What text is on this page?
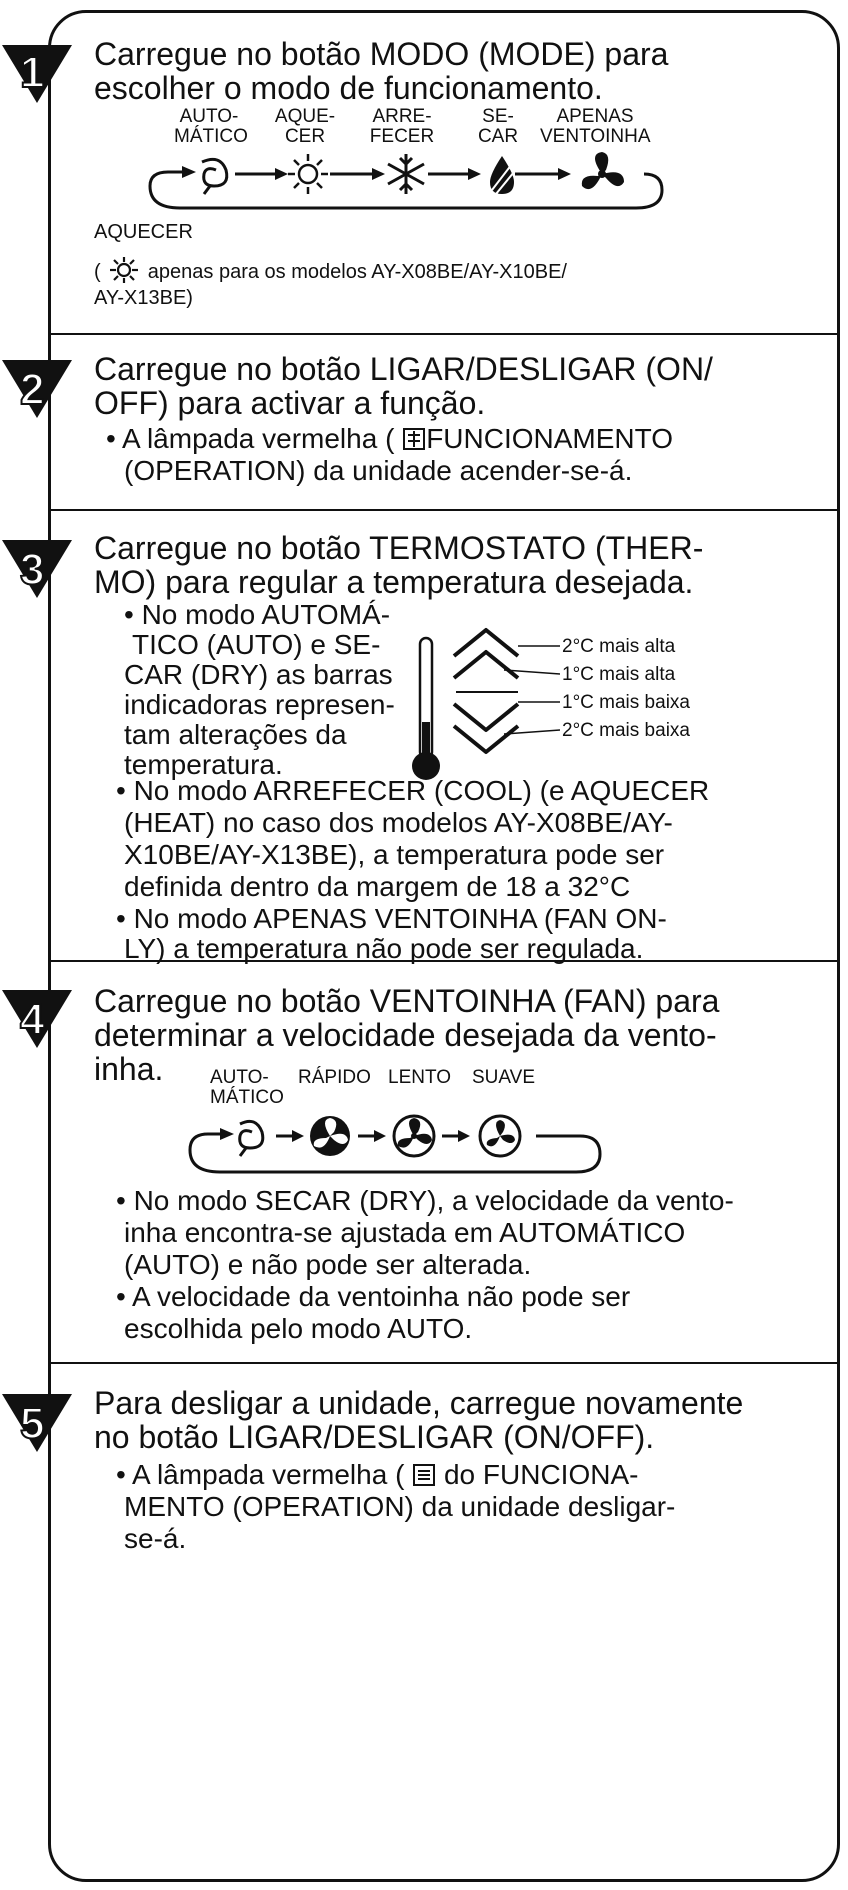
1 Carregue no botão MODO (MODE) para
escolher o modo de funcionamento.
AUTO-
MÁTICO
AQUE-
CER
ARRE-
FECER
SE-
CAR
APENAS
VENTOINHA
AQUECER
( apenas para os modelos AY-X08BE/AY-X10BE/
AY-X13BE)
2 Carregue no botão LIGAR/DESLIGAR (ON/
OFF) para activar a função.
• A lâmpada vermelha ( FUNCIONAMENTO
(OPERATION) da unidade acender-se-á.
3 Carregue no botão TERMOSTATO (THER-
MO) para regular a temperatura desejada.
• No modo AUTOMÁ-
TICO (AUTO) e SE-
CAR (DRY) as barras
indicadoras represen-
tam alterações da
temperatura.
2°C mais alta
1°C mais alta
1°C mais baixa
2°C mais baixa
• No modo ARREFECER (COOL) (e AQUECER
(HEAT) no caso dos modelos AY-X08BE/AY-
X10BE/AY-X13BE), a temperatura pode ser
definida dentro da margem de 18 a 32°C
• No modo APENAS VENTOINHA (FAN ON-
LY) a temperatura não pode ser regulada.
4 Carregue no botão VENTOINHA (FAN) para
determinar a velocidade desejada da vento-
inha. AUTO-
MÁTICO
RÁPIDO LENTO	SUAVE
• No modo SECAR (DRY), a velocidade da vento-
inha encontra-se ajustada em AUTOMÁTICO
(AUTO) e não pode ser alterada.
• A velocidade da ventoinha não pode ser
escolhida pelo modo AUTO.
5 Para desligar a unidade, carregue novamente
no botão LIGAR/DESLIGAR (ON/OFF).
• A lâmpada vermelha ( do FUNCIONA-
MENTO (OPERATION) da unidade desligar-
se-á.
